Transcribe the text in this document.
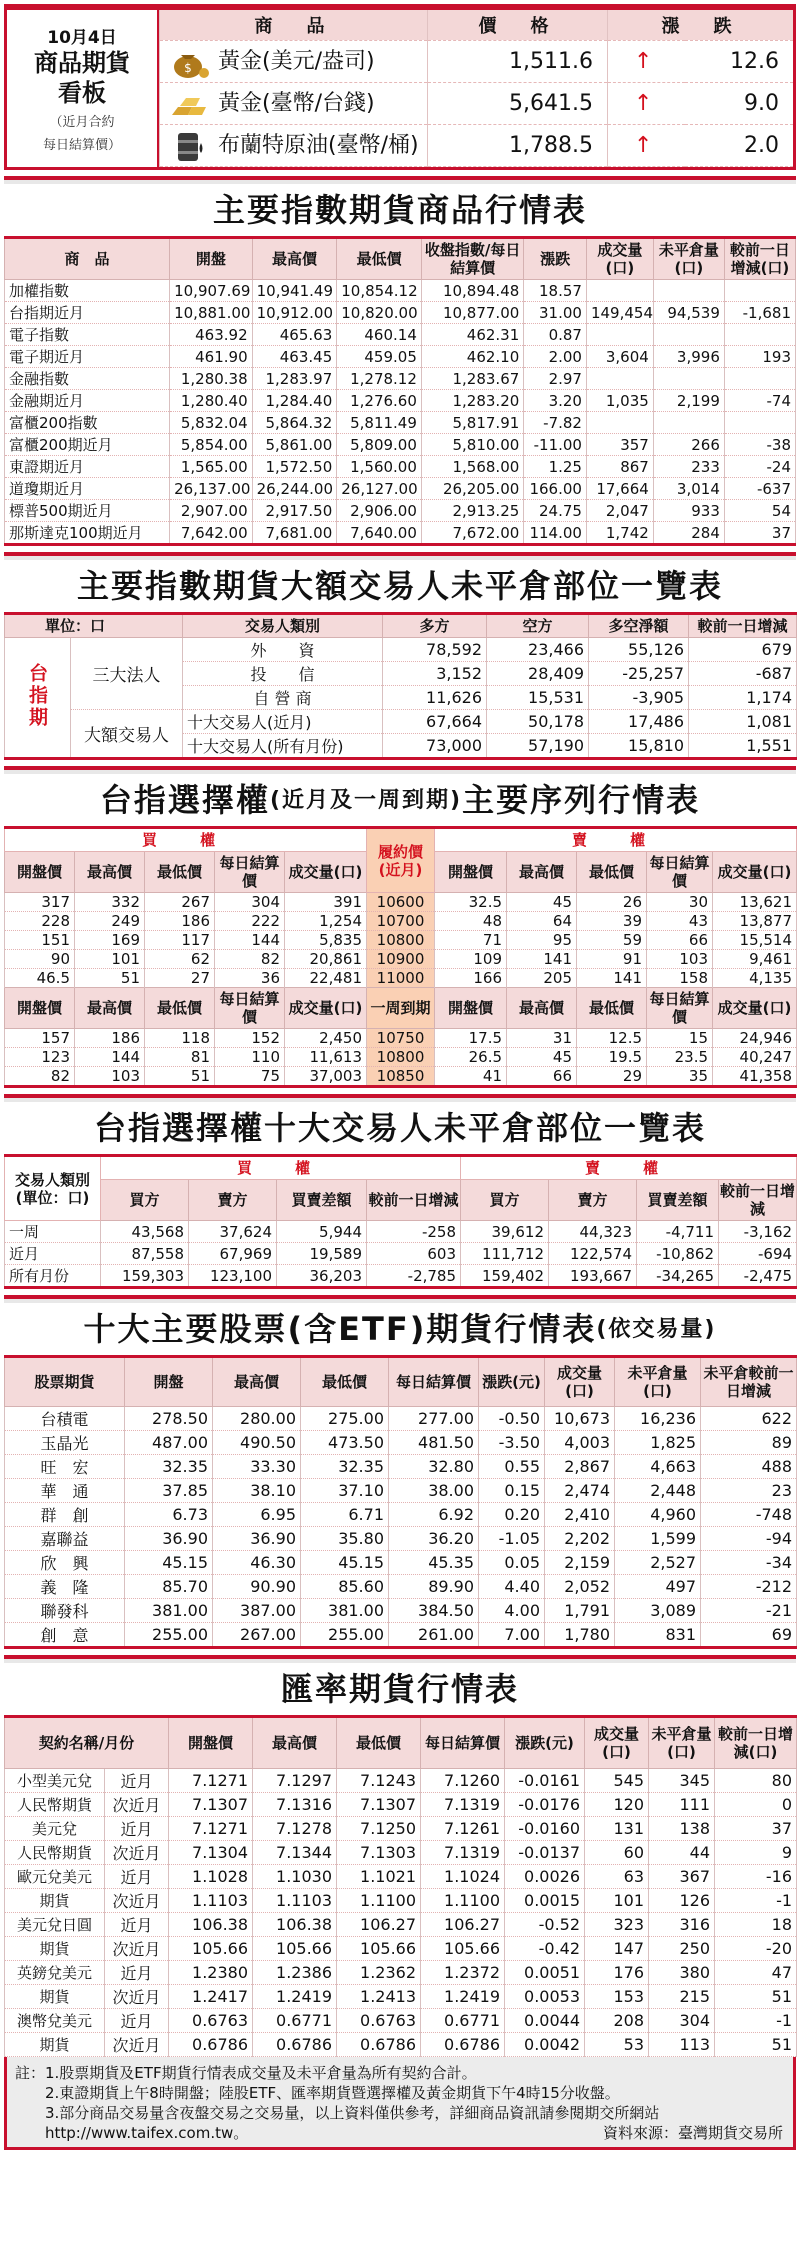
10月4日
商品期貨
看板
（近月合約
每日結算價）
商　品	價　格	漲　跌	

$ 黃金(美元/盎司)	1,511.6	↑	12.6
黃金(臺幣/台錢)	5,641.5	↑	9.0
布蘭特原油(臺幣/桶)	1,788.5	↑	2.0
主要指數期貨商品行情表
商　品	開盤	最高價	最低價	收盤指數/每日結算價	漲跌	成交量(口)	未平倉量(口)	較前一日增減(口)
加權指數	10,907.69	10,941.49	10,854.12	10,894.48	18.57			
台指期近月	10,881.00	10,912.00	10,820.00	10,877.00	31.00	149,454	94,539	-1,681
電子指數	463.92	465.63	460.14	462.31	0.87			
電子期近月	461.90	463.45	459.05	462.10	2.00	3,604	3,996	193
金融指數	1,280.38	1,283.97	1,278.12	1,283.67	2.97			
金融期近月	1,280.40	1,284.40	1,276.60	1,283.20	3.20	1,035	2,199	-74
富櫃200指數	5,832.04	5,864.32	5,811.49	5,817.91	-7.82			
富櫃200期近月	5,854.00	5,861.00	5,809.00	5,810.00	-11.00	357	266	-38
東證期近月	1,565.00	1,572.50	1,560.00	1,568.00	1.25	867	233	-24
道瓊期近月	26,137.00	26,244.00	26,127.00	26,205.00	166.00	17,664	3,014	-637
標普500期近月	2,907.00	2,917.50	2,906.00	2,913.25	24.75	2,047	933	54
那斯達克100期近月	7,642.00	7,681.00	7,640.00	7,672.00	114.00	1,742	284	37
主要指數期貨大額交易人未平倉部位一覽表
單位：口		交易人類別	多方	空方	多空淨額	較前一日增減
台指期	三大法人	外　　資	78,592	23,466	55,126	679
		投　　信	3,152	28,409	-25,257	-687
		自 營 商	11,626	15,531	-3,905	1,174
	大額交易人	十大交易人(近月)	67,664	50,178	17,486	1,081
		十大交易人(所有月份)	73,000	57,190	15,810	1,551
台指選擇權 (近月及一周到期) 主要序列行情表
買　權					履約價(近月)	賣　權				
開盤價	最高價	最低價	每日結算價	成交量(口)		開盤價	最高價	最低價	每日結算價	成交量(口)
317	332	267	304	391	10600	32.5	45	26	30	13,621
228	249	186	222	1,254	10700	48	64	39	43	13,877
151	169	117	144	5,835	10800	71	95	59	66	15,514
90	101	62	82	20,861	10900	109	141	91	103	9,461
46.5	51	27	36	22,481	11000	166	205	141	158	4,135
開盤價	最高價	最低價	每日結算價	成交量(口)	一周到期	開盤價	最高價	最低價	每日結算價	成交量(口)
157	186	118	152	2,450	10750	17.5	31	12.5	15	24,946
123	144	81	110	11,613	10800	26.5	45	19.5	23.5	40,247
82	103	51	75	37,003	10850	41	66	29	35	41,358
台指選擇權十大交易人未平倉部位一覽表
交易人類別
(單位：口)	買　權				賣　權			
	買方	賣方	買賣差額	較前一日增減	買方	賣方	買賣差額	較前一日增減
一周	43,568	37,624	5,944	-258	39,612	44,323	-4,711	-3,162
近月	87,558	67,969	19,589	603	111,712	122,574	-10,862	-694
所有月份	159,303	123,100	36,203	-2,785	159,402	193,667	-34,265	-2,475
十大主要股票(含ETF)期貨行情表 (依交易量)
股票期貨	開盤	最高價	最低價	每日結算價	漲跌(元)	成交量(口)	未平倉量(口)	未平倉較前一日增減
台積電	278.50	280.00	275.00	277.00	-0.50	10,673	16,236	622
玉晶光	487.00	490.50	473.50	481.50	-3.50	4,003	1,825	89
旺　宏	32.35	33.30	32.35	32.80	0.55	2,867	4,663	488
華　通	37.85	38.10	37.10	38.00	0.15	2,474	2,448	23
群　創	6.73	6.95	6.71	6.92	0.20	2,410	4,960	-748
嘉聯益	36.90	36.90	35.80	36.20	-1.05	2,202	1,599	-94
欣　興	45.15	46.30	45.15	45.35	0.05	2,159	2,527	-34
義　隆	85.70	90.90	85.60	89.90	4.40	2,052	497	-212
聯發科	381.00	387.00	381.00	384.50	4.00	1,791	3,089	-21
創　意	255.00	267.00	255.00	261.00	7.00	1,780	831	69
匯率期貨行情表
契約名稱/月份		開盤價	最高價	最低價	每日結算價	漲跌(元)	成交量(口)	未平倉量(口)	較前一日增減(口)
小型美元兌	近月	7.1271	7.1297	7.1243	7.1260	-0.0161	545	345	80
人民幣期貨	次近月	7.1307	7.1316	7.1307	7.1319	-0.0176	120	111	0
美元兌	近月	7.1271	7.1278	7.1250	7.1261	-0.0160	131	138	37
人民幣期貨	次近月	7.1304	7.1344	7.1303	7.1319	-0.0137	60	44	9
歐元兌美元	近月	1.1028	1.1030	1.1021	1.1024	0.0026	63	367	-16
期貨	次近月	1.1103	1.1103	1.1100	1.1100	0.0015	101	126	-1
美元兌日圓	近月	106.38	106.38	106.27	106.27	-0.52	323	316	18
期貨	次近月	105.66	105.66	105.66	105.66	-0.42	147	250	-20
英鎊兌美元	近月	1.2380	1.2386	1.2362	1.2372	0.0051	176	380	47
期貨	次近月	1.2417	1.2419	1.2413	1.2419	0.0053	153	215	51
澳幣兌美元	近月	0.6763	0.6771	0.6763	0.6771	0.0044	208	304	-1
期貨	次近月	0.6786	0.6786	0.6786	0.6786	0.0042	53	113	51
註：1.股票期貨及ETF期貨行情表成交量及未平倉量為所有契約合計。
　　2.東證期貨上午8時開盤；陸股ETF、匯率期貨暨選擇權及黃金期貨下午4時15分收盤。
　　3.部分商品交易量含夜盤交易之交易量，以上資料僅供參考，詳細商品資訊請參閱期交所網站
　　http://www.taifex.com.tw。	資料來源：臺灣期貨交易所
